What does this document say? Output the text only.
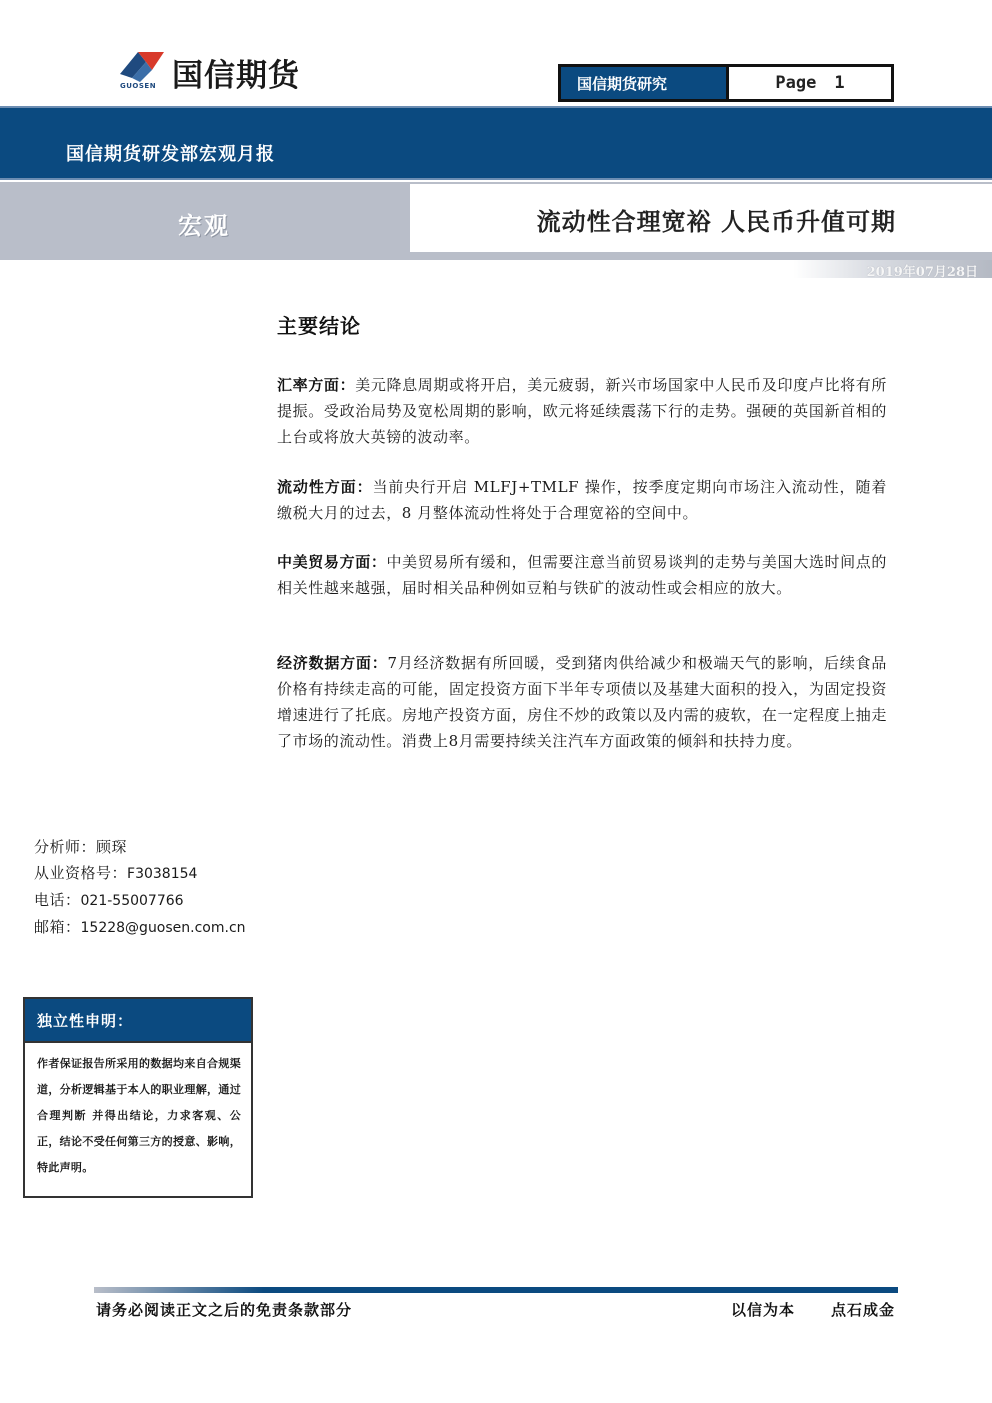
GUOSEN 国信期货	国信期货研究	Page 1
国信期货研发部宏观月报
宏观	流动性合理宽裕 人民币升值可期
2019年07月28日
主要结论
汇率方面：美元降息周期或将开启，美元疲弱，新兴市场国家中人民币及印度卢比将有所提振。受政治局势及宽松周期的影响，欧元将延续震荡下行的走势。强硬的英国新首相的上台或将放大英镑的波动率。
流动性方面：当前央行开启 MLFJ+TMLF 操作，按季度定期向市场注入流动性，随着缴税大月的过去，8 月整体流动性将处于合理宽裕的空间中。
中美贸易方面：中美贸易所有缓和，但需要注意当前贸易谈判的走势与美国大选时间点的相关性越来越强，届时相关品种例如豆粕与铁矿的波动性或会相应的放大。
经济数据方面：7月经济数据有所回暖，受到猪肉供给减少和极端天气的影响，后续食品价格有持续走高的可能，固定投资方面下半年专项债以及基建大面积的投入，为固定投资增速进行了托底。房地产投资方面，房住不炒的政策以及内需的疲软，在一定程度上抽走了市场的流动性。消费上8月需要持续关注汽车方面政策的倾斜和扶持力度。
分析师：顾琛
从业资格号：F3038154
电话：021-55007766
邮箱：15228@guosen.com.cn
独立性申明：
作者保证报告所采用的数据均来自合规渠道，分析逻辑基于本人的职业理解，通过合理判断 并得出结论，力求客观、公正，结论不受任何第三方的授意、影响，特此声明。
请务必阅读正文之后的免责条款部分	以信为本 点石成金
